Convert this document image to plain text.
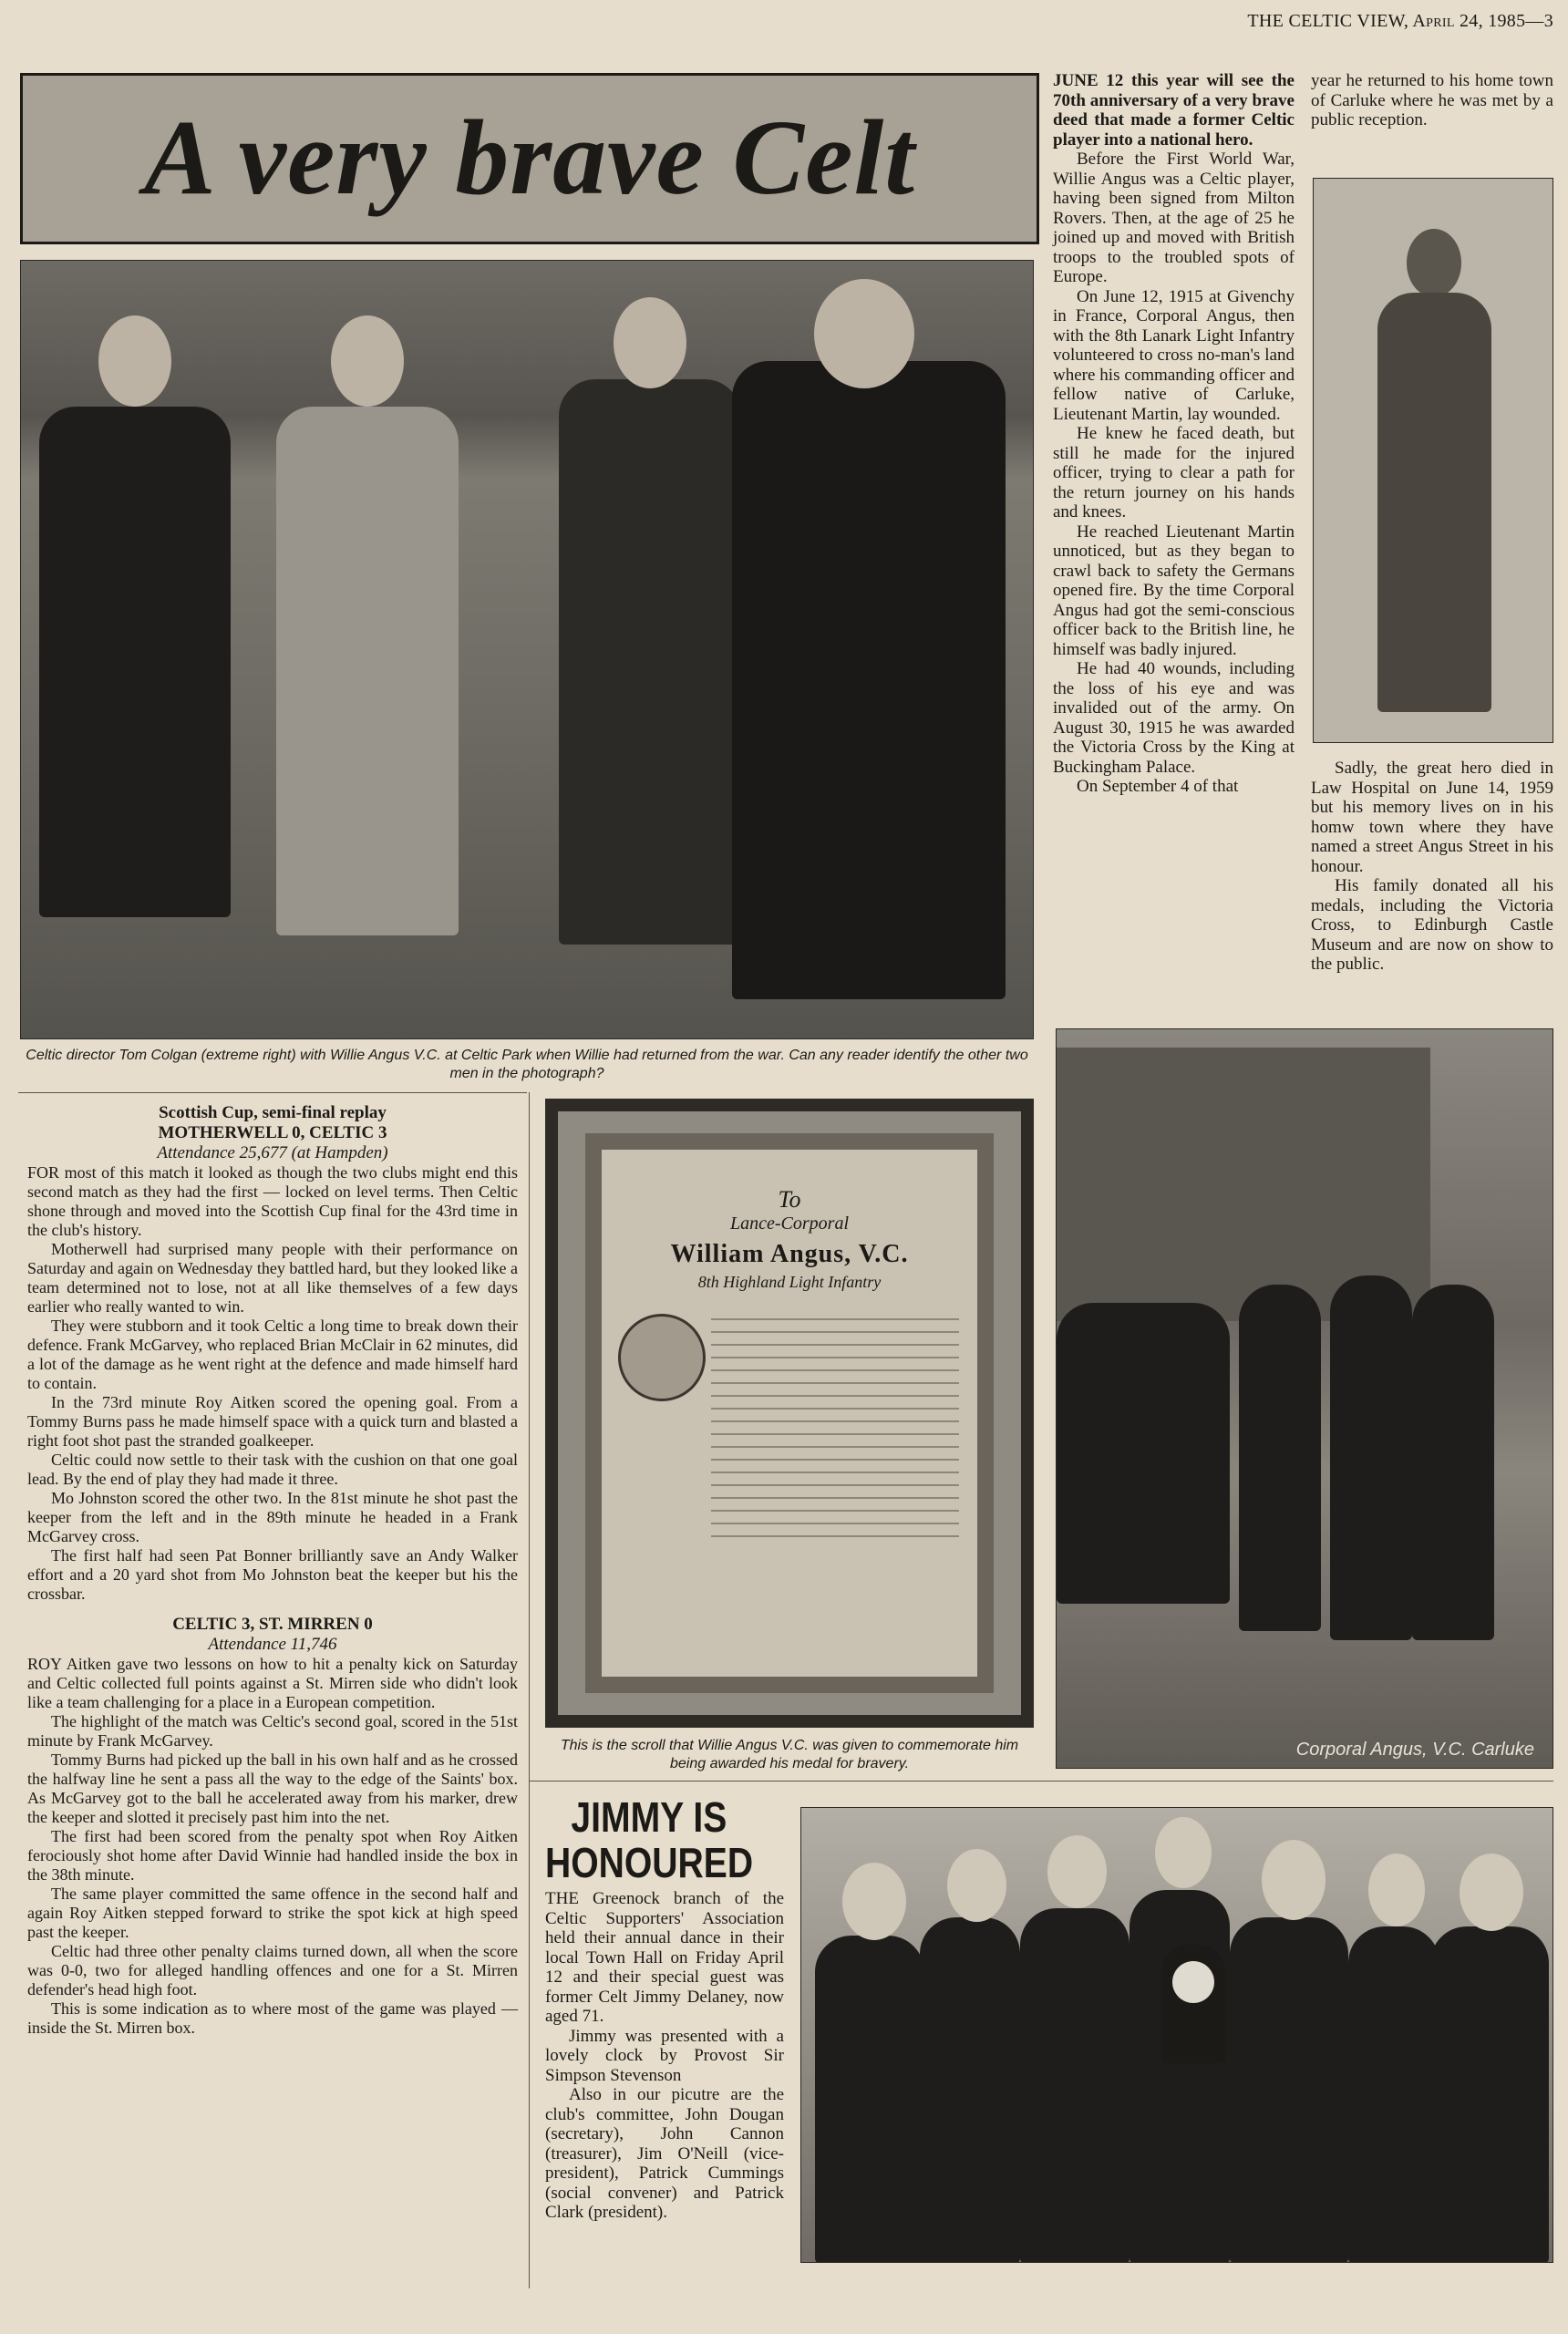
THE CELTIC VIEW, April 24, 1985—3
A very brave Celt
Celtic director Tom Colgan (extreme right) with Willie Angus V.C. at Celtic Park when Willie had returned from the war. Can any reader identify the other two men in the photograph?

JUNE 12 this year will see the 70th anniversary of a very brave deed that made a former Celtic player into a national hero.

Before the First World War, Willie Angus was a Celtic player, having been signed from Milton Rovers. Then, at the age of 25 he joined up and moved with British troops to the troubled spots of Europe.

On June 12, 1915 at Givenchy in France, Corporal Angus, then with the 8th Lanark Light Infantry volunteered to cross no-man's land where his commanding officer and fellow native of Carluke, Lieutenant Martin, lay wounded.

He knew he faced death, but still he made for the injured officer, trying to clear a path for the return journey on his hands and knees.

He reached Lieutenant Martin unnoticed, but as they began to crawl back to safety the Germans opened fire. By the time Corporal Angus had got the semi-conscious officer back to the British line, he himself was badly injured.

He had 40 wounds, including the loss of his eye and was invalided out of the army. On August 30, 1915 he was awarded the Victoria Cross by the King at Buckingham Palace.

On September 4 of that

year he returned to his home town of Carluke where he was met by a public reception.

Sadly, the great hero died in Law Hospital on June 14, 1959 but his memory lives on in his homw town where they have named a street Angus Street in his honour.

His family donated all his medals, including the Victoria Cross, to Edinburgh Castle Museum and are now on show to the public.

Scottish Cup, semi-final replay
MOTHERWELL 0, CELTIC 3
Attendance 25,677 (at Hampden)

FOR most of this match it looked as though the two clubs might end this second match as they had the first — locked on level terms. Then Celtic shone through and moved into the Scottish Cup final for the 43rd time in the club's history.

Motherwell had surprised many people with their performance on Saturday and again on Wednesday they battled hard, but they looked like a team determined not to lose, not at all like themselves of a few days earlier who really wanted to win.

They were stubborn and it took Celtic a long time to break down their defence. Frank McGarvey, who replaced Brian McClair in 62 minutes, did a lot of the damage as he went right at the defence and made himself hard to contain.

In the 73rd minute Roy Aitken scored the opening goal. From a Tommy Burns pass he made himself space with a quick turn and blasted a right foot shot past the stranded goalkeeper.

Celtic could now settle to their task with the cushion on that one goal lead. By the end of play they had made it three.

Mo Johnston scored the other two. In the 81st minute he shot past the keeper from the left and in the 89th minute he headed in a Frank McGarvey cross.

The first half had seen Pat Bonner brilliantly save an Andy Walker effort and a 20 yard shot from Mo Johnston beat the keeper but his the crossbar.

CELTIC 3, ST. MIRREN 0
Attendance 11,746

ROY Aitken gave two lessons on how to hit a penalty kick on Saturday and Celtic collected full points against a St. Mirren side who didn't look like a team challenging for a place in a European competition.

The highlight of the match was Celtic's second goal, scored in the 51st minute by Frank McGarvey.

Tommy Burns had picked up the ball in his own half and as he crossed the halfway line he sent a pass all the way to the edge of the Saints' box. As McGarvey got to the ball he accelerated away from his marker, drew the keeper and slotted it precisely past him into the net.

The first had been scored from the penalty spot when Roy Aitken ferociously shot home after David Winnie had handled inside the box in the 38th minute.

The same player committed the same offence in the second half and again Roy Aitken stepped forward to strike the spot kick at high speed past the keeper.

Celtic had three other penalty claims turned down, all when the score was 0-0, two for alleged handling offences and one for a St. Mirren defender's head high foot.

This is some indication as to where most of the game was played — inside the St. Mirren box.

To
Lance-Corporal
William Angus, V.C.
8th Highland Light Infantry
This is the scroll that Willie Angus V.C. was given to commemorate him being awarded his medal for bravery.
Corporal Angus, V.C. Carluke
JIMMY IS
HONOURED

THE Greenock branch of the Celtic Supporters' Association held their annual dance in their local Town Hall on Friday April 12 and their special guest was former Celt Jimmy Delaney, now aged 71.

Jimmy was presented with a lovely clock by Provost Sir Simpson Stevenson

Also in our picutre are the club's committee, John Dougan (secretary), John Cannon (treasurer), Jim O'Neill (vice-president), Patrick Cummings (social convener) and Patrick Clark (president).
